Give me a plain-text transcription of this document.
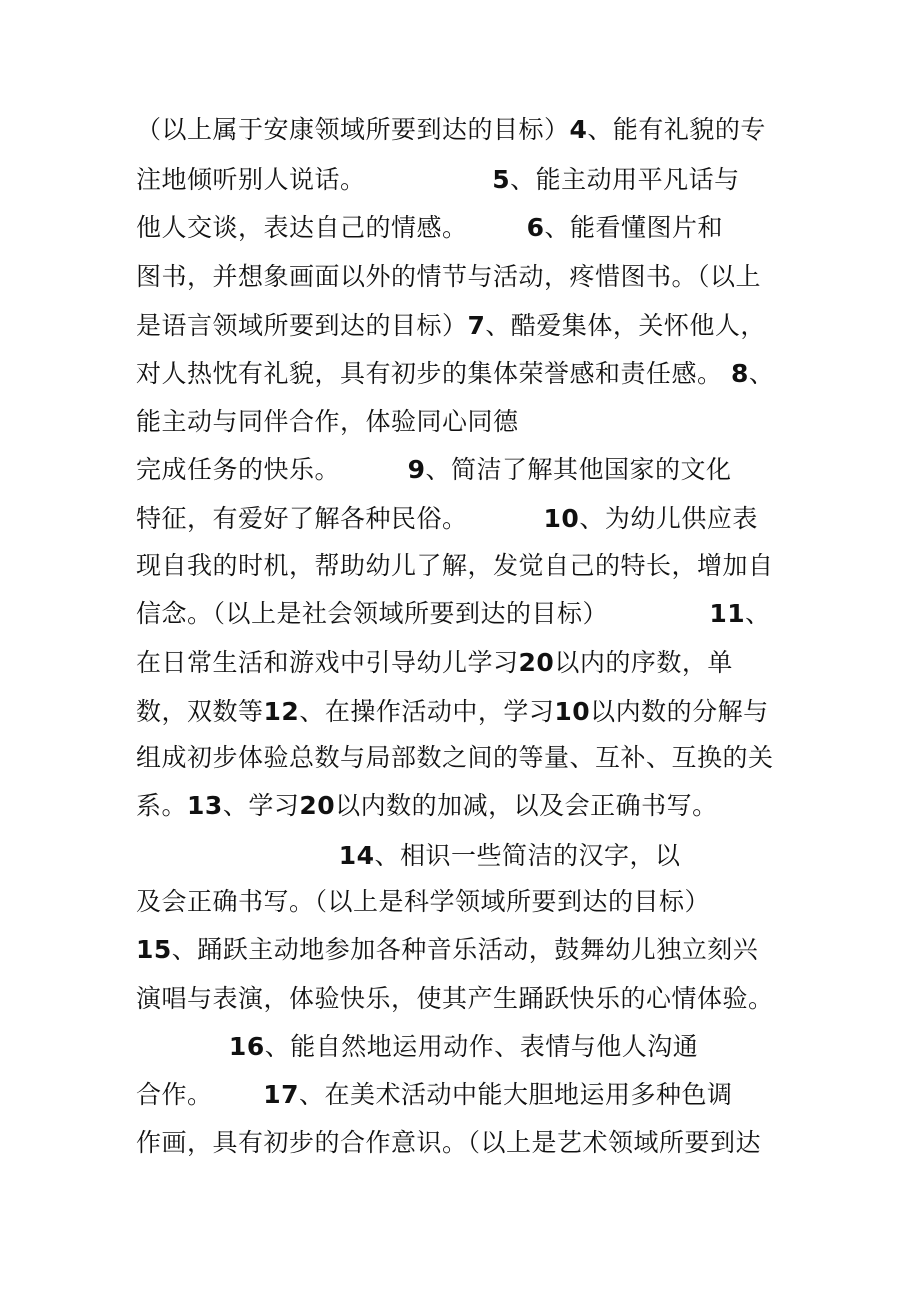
（以上属于安康领域所要到达的目标）4、能有礼貌的专
注地倾听别人说话。               5、能主动用平凡话与
他人交谈，表达自己的情感。       6、能看懂图片和
图书，并想象画面以外的情节与活动，疼惜图书。（以上
是语言领域所要到达的目标）7、酷爱集体，关怀他人，
对人热忱有礼貌，具有初步的集体荣誉感和责任感。 8、
能主动与同伴合作，体验同心同德
完成任务的快乐。        9、简洁了解其他国家的文化
特征，有爱好了解各种民俗。         10、为幼儿供应表
现自我的时机，帮助幼儿了解，发觉自己的特长，增加自
信念。（以上是社会领域所要到达的目标）            11、
在日常生活和游戏中引导幼儿学习20以内的序数，单
数，双数等12、在操作活动中，学习10以内数的分解与
组成初步体验总数与局部数之间的等量、互补、互换的关
系。13、学习20以内数的加减，以及会正确书写。
14、相识一些简洁的汉字，以
及会正确书写。（以上是科学领域所要到达的目标）
15、踊跃主动地参加各种音乐活动，鼓舞幼儿独立刻兴
演唱与表演，体验快乐，使其产生踊跃快乐的心情体验。
16、能自然地运用动作、表情与他人沟通
合作。      17、在美术活动中能大胆地运用多种色调
作画，具有初步的合作意识。（以上是艺术领域所要到达
